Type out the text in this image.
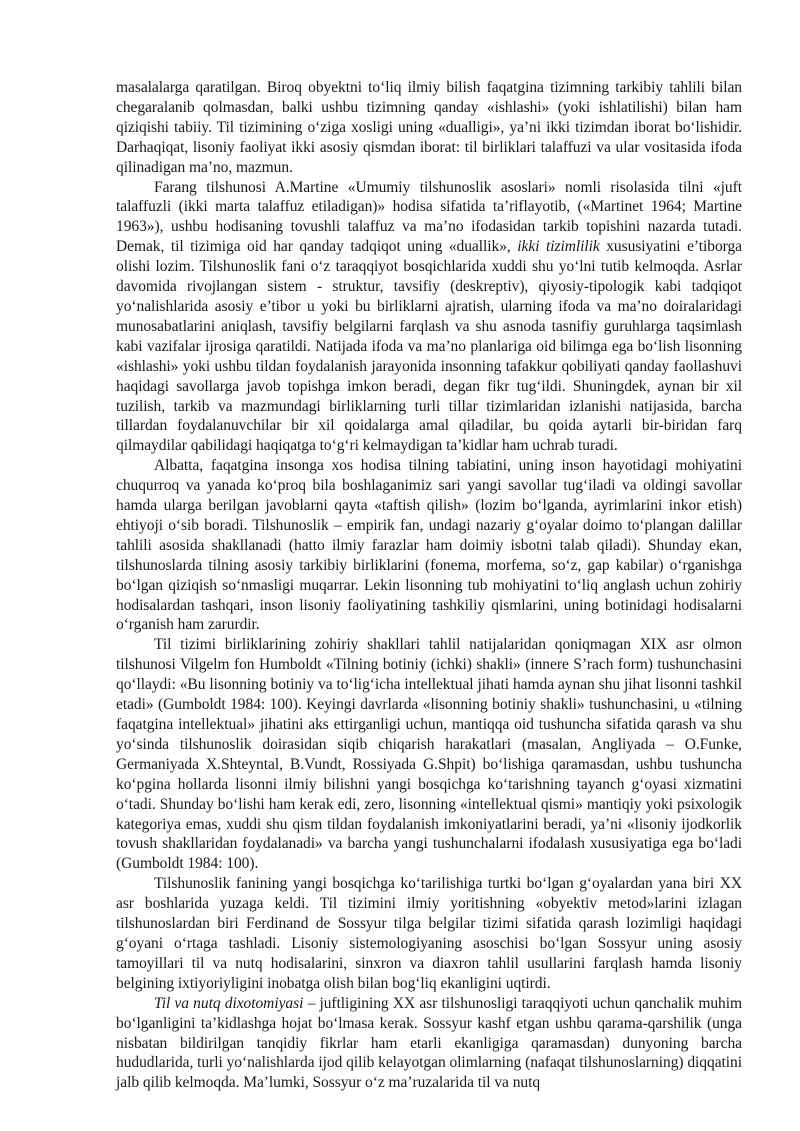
masalalarga qaratilgan. Biroq obyektni to‘liq ilmiy bilish faqatgina tizimning tarkibiy tahlili bilan chegaralanib qolmasdan, balki ushbu tizimning qanday «ishlashi» (yoki ishlatilishi) bilan ham qiziqishi tabiiy. Til tizimining o‘ziga xosligi uning «dualligi», ya’ni ikki tizimdan iborat bo‘lishidir. Darhaqiqat, lisoniy faoliyat ikki asosiy qismdan iborat: til birliklari talaffuzi va ular vositasida ifoda qilinadigan ma’no, mazmun.

Farang tilshunosi A.Martine «Umumiy tilshunoslik asoslari» nomli risolasida tilni «juft talaffuzli (ikki marta talaffuz etiladigan)» hodisa sifatida ta’riflayotib, («Martinet 1964; Martine 1963»), ushbu hodisaning tovushli talaffuz va ma’no ifodasidan tarkib topishini nazarda tutadi. Demak, til tizimiga oid har qanday tadqiqot uning «duallik», ikki tizimlilik xususiyatini e’tiborga olishi lozim. Tilshunoslik fani o‘z taraqqiyot bosqichlarida xuddi shu yo‘lni tutib kelmoqda. Asrlar davomida rivojlangan sistem - struktur, tavsifiy (deskreptiv), qiyosiy-tipologik kabi tadqiqot yo‘nalishlarida asosiy e’tibor u yoki bu birliklarni ajratish, ularning ifoda va ma’no doiralaridagi munosabatlarini aniqlash, tavsifiy belgilarni farqlash va shu asnoda tasnifiy guruhlarga taqsimlash kabi vazifalar ijrosiga qaratildi. Natijada ifoda va ma’no planlariga oid bilimga ega bo‘lish lisonning «ishlashi» yoki ushbu tildan foydalanish jarayonida insonning tafakkur qobiliyati qanday faollashuvi haqidagi savollarga javob topishga imkon beradi, degan fikr tug‘ildi. Shuningdek, aynan bir xil tuzilish, tarkib va mazmundagi birliklarning turli tillar tizimlaridan izlanishi natijasida, barcha tillardan foydalanuvchilar bir xil qoidalarga amal qiladilar, bu qoida aytarli bir-biridan farq qilmaydilar qabilidagi haqiqatga to‘g‘ri kelmaydigan ta’kidlar ham uchrab turadi.

Albatta, faqatgina insonga xos hodisa tilning tabiatini, uning inson hayotidagi mohiyatini chuqurroq va yanada ko‘proq bila boshlaganimiz sari yangi savollar tug‘iladi va oldingi savollar hamda ularga berilgan javoblarni qayta «taftish qilish» (lozim bo‘lganda, ayrimlarini inkor etish) ehtiyoji o‘sib boradi. Tilshunoslik – empirik fan, undagi nazariy g‘oyalar doimo to‘plangan dalillar tahlili asosida shakllanadi (hatto ilmiy farazlar ham doimiy isbotni talab qiladi). Shunday ekan, tilshunoslarda tilning asosiy tarkibiy birliklarini (fonema, morfema, so‘z, gap kabilar) o‘rganishga bo‘lgan qiziqish so‘nmasligi muqarrar. Lekin lisonning tub mohiyatini to‘liq anglash uchun zohiriy hodisalardan tashqari, inson lisoniy faoliyatining tashkiliy qismlarini, uning botinidagi hodisalarni o‘rganish ham zarurdir.

Til tizimi birliklarining zohiriy shakllari tahlil natijalaridan qoniqmagan XIX asr olmon tilshunosi Vilgelm fon Humboldt «Tilning botiniy (ichki) shakli» (innere S’rach form) tushunchasini qo‘llaydi: «Bu lisonning botiniy va to‘lig‘icha intellektual jihati hamda aynan shu jihat lisonni tashkil etadi» (Gumboldt 1984: 100). Keyingi davrlarda «lisonning botiniy shakli» tushunchasini, u «tilning faqatgina intellektual» jihatini aks ettirganligi uchun, mantiqqa oid tushuncha sifatida qarash va shu yo‘sinda tilshunoslik doirasidan siqib chiqarish harakatlari (masalan, Angliyada – O.Funke, Germaniyada X.Shteyntal, B.Vundt, Rossiyada G.Shpit) bo‘lishiga qaramasdan, ushbu tushuncha ko‘pgina hollarda lisonni ilmiy bilishni yangi bosqichga ko‘tarishning tayanch g‘oyasi xizmatini o‘tadi. Shunday bo‘lishi ham kerak edi, zero, lisonning «intellektual qismi» mantiqiy yoki psixologik kategoriya emas, xuddi shu qism tildan foydalanish imkoniyatlarini beradi, ya’ni «lisoniy ijodkorlik tovush shakllaridan foydalanadi» va barcha yangi tushunchalarni ifodalash xususiyatiga ega bo‘ladi (Gumboldt 1984: 100).

Tilshunoslik fanining yangi bosqichga ko‘tarilishiga turtki bo‘lgan g‘oyalardan yana biri XX asr boshlarida yuzaga keldi. Til tizimini ilmiy yoritishning «obyektiv metod»larini izlagan tilshunoslardan biri Ferdinand de Sossyur tilga belgilar tizimi sifatida qarash lozimligi haqidagi g‘oyani o‘rtaga tashladi. Lisoniy sistemologiyaning asoschisi bo‘lgan Sossyur uning asosiy tamoyillari til va nutq hodisalarini, sinxron va diaxron tahlil usullarini farqlash hamda lisoniy belgining ixtiyoriyligini inobatga olish bilan bog‘liq ekanligini uqtirdi.

Til va nutq dixotomiyasi – juftligining XX asr tilshunosligi taraqqiyoti uchun qanchalik muhim bo‘lganligini ta’kidlashga hojat bo‘lmasa kerak. Sossyur kashf etgan ushbu qarama-qarshilik (unga nisbatan bildirilgan tanqidiy fikrlar ham etarli ekanligiga qaramasdan) dunyoning barcha hududlarida, turli yo‘nalishlarda ijod qilib kelayotgan olimlarning (nafaqat tilshunoslarning) diqqatini jalb qilib kelmoqda. Ma’lumki, Sossyur o‘z ma’ruzalarida til va nutq
